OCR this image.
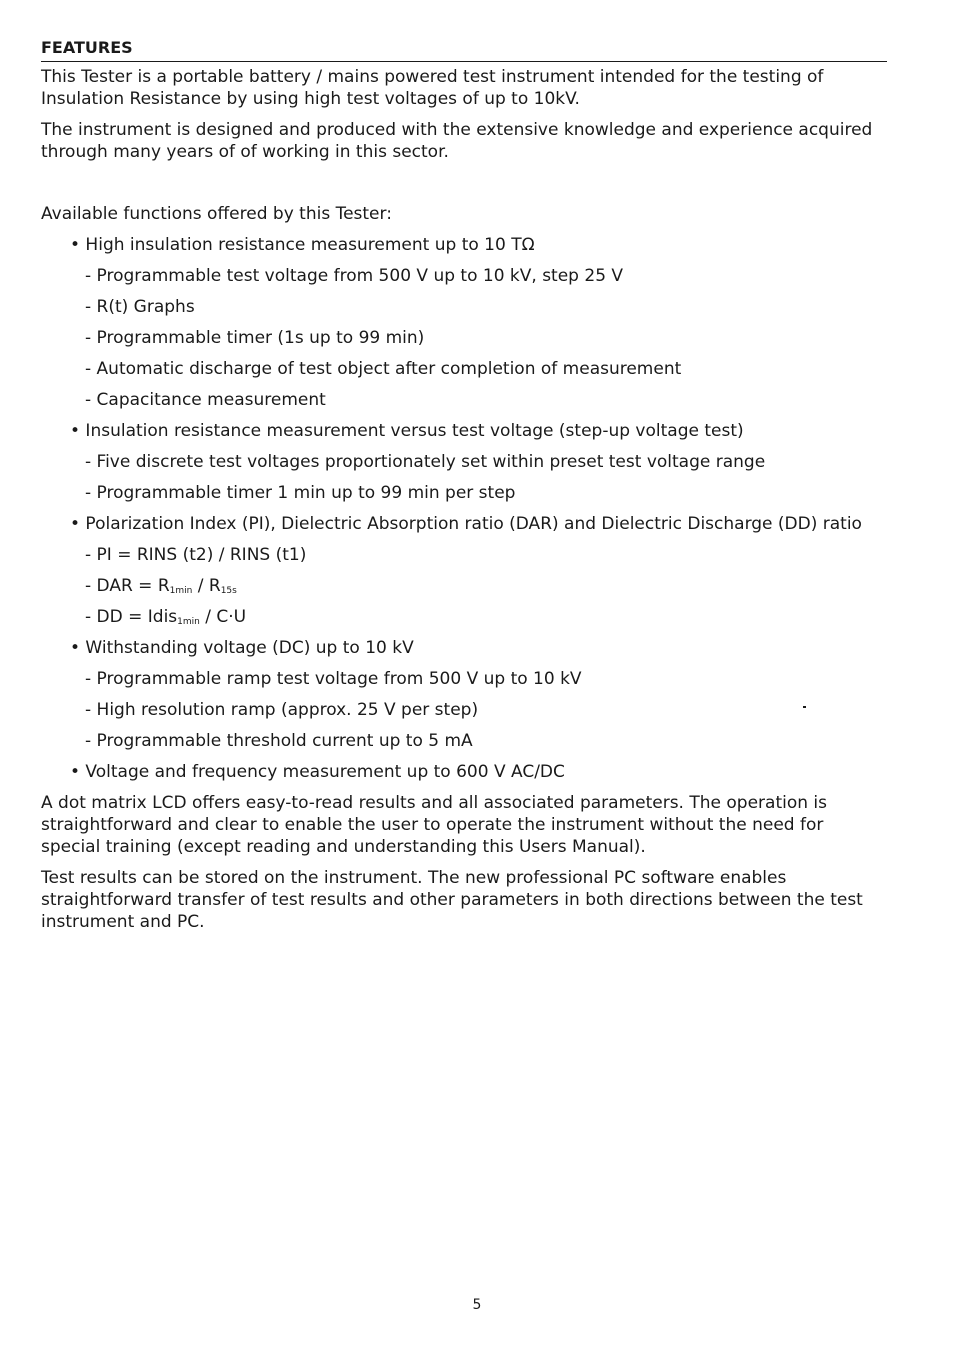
FEATURES

This Tester is a portable battery / mains powered test instrument intended for the testing of Insulation Resistance by using high test voltages of up to 10kV.

The instrument is designed and produced with the extensive knowledge and experience acquired through many years of of working in this sector.

Available functions offered by this Tester:
• High insulation resistance measurement up to 10 TΩ
- Programmable test voltage from 500 V up to 10 kV, step 25 V
- R(t) Graphs
- Programmable timer (1s up to 99 min)
- Automatic discharge of test object after completion of measurement
- Capacitance measurement
• Insulation resistance measurement versus test voltage (step-up voltage test)
- Five discrete test voltages proportionately set within preset test voltage range
- Programmable timer 1 min up to 99 min per step
• Polarization Index (PI), Dielectric Absorption ratio (DAR) and Dielectric Discharge (DD) ratio
- PI = RINS (t2) / RINS (t1)
- DAR = $R_{1min} / R_{15s}$
- DD = Idis$_{1min}$ / C·U
• Withstanding voltage (DC) up to 10 kV
- Programmable ramp test voltage from 500 V up to 10 kV
- High resolution ramp (approx. 25 V per step)
- Programmable threshold current up to 5 mA
• Voltage and frequency measurement up to 600 V AC/DC

A dot matrix LCD offers easy-to-read results and all associated parameters. The operation is straightforward and clear to enable the user to operate the instrument without the need for special training (except reading and understanding this Users Manual).

Test results can be stored on the instrument. The new professional PC software enables straightforward transfer of test results and other parameters in both directions between the test instrument and PC.

5
